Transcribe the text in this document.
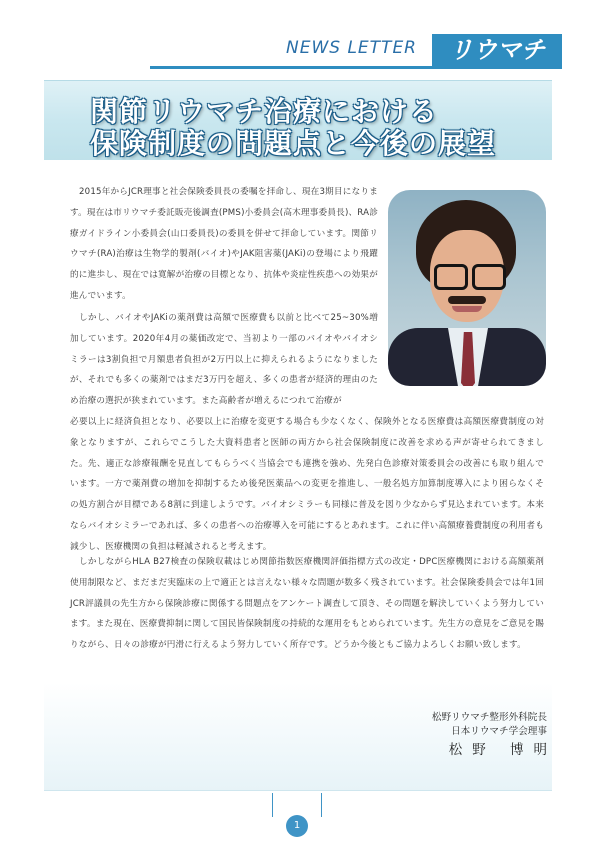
NEWS LETTER	リウマチ
関節リウマチ治療における
保険制度の問題点と今後の展望

2015年からJCR理事と社会保険委員長の委嘱を拝命し、現在3期目になります。現在は市リウマチ委託販売後調査(PMS)小委員会(高木理事委員長)、RA診療ガイドライン小委員会(山口委員長)の委員を併せて拝命しています。関節リウマチ(RA)治療は生物学的製剤(バイオ)やJAK阻害薬(JAKi)の登場により飛躍的に進歩し、現在では寛解が治療の目標となり、抗体や炎症性疾患への効果が進んでいます。

しかし、バイオやJAKiの薬剤費は高額で医療費も以前と比べて25~30%増加しています。2020年4月の薬価改定で、当初より一部のバイオやバイオシミラーは3割負担で月額患者負担が2万円以上に抑えられるようになりましたが、それでも多くの薬剤ではまだ3万円を超え、多くの患者が経済的理由のため治療の選択が狭まれています。また高齢者が増えるにつれて治療が

必要以上に経済負担となり、必要以上に治療を変更する場合も少なくなく、保険外となる医療費は高額医療費制度の対象となりますが、これらでこうした大資料患者と医師の両方から社会保険制度に改善を求める声が寄せられてきました。先、適正な診療報酬を見直してもらうべく当協会でも連携を強め、先発白色診療対策委員会の改善にも取り組んでいます。一方で薬剤費の増加を抑制するため後発医薬品への変更を推進し、一般名処方加算制度導入により困らなくその処方割合が目標である8割に到達しようです。バイオシミラーも同様に普及を図り少なからず見込まれています。本来ならバイオシミラーであれば、多くの患者への治療導入を可能にするとあれます。これに伴い高額療養費制度の利用者も減少し、医療機関の負担は軽減されると考えます。

しかしながらHLA B27検査の保険収載はじめ関節指数医療機関評価指標方式の改定・DPC医療機関における高額薬剤使用制限など、まだまだ実臨床の上で適正とは言えない様々な問題が数多く残されています。社会保険委員会では年1回JCR評議員の先生方から保険診療に関係する問題点をアンケート調査して頂き、その問題を解決していくよう努力しています。また現在、医療費抑制に関して国民皆保険制度の持続的な運用をもとめられています。先生方の意見をご意見を賜りながら、日々の診療が円滑に行えるよう努力していく所存です。どうか今後ともご協力よろしくお願い致します。

松野リウマチ整形外科院長
日本リウマチ学会理事
松野 博明
1
